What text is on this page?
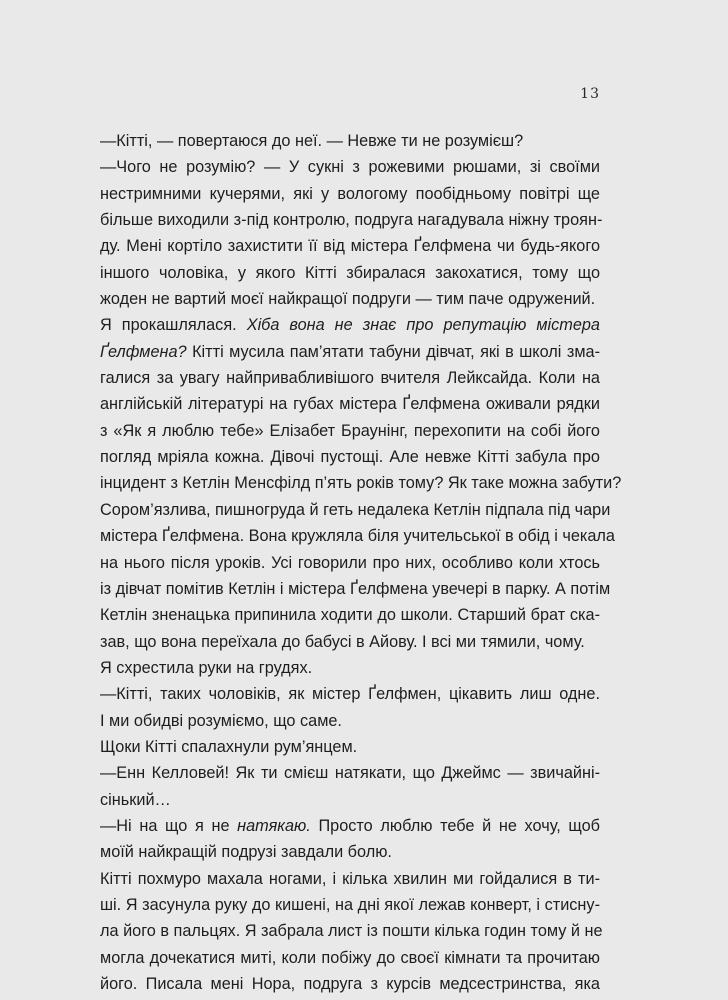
13
—Кітті, — повертаюся до неї. — Невже ти не розумієш?
—Чого не розумію? — У сукні з рожевими рюшами, зі своїми
нестримними кучерями, які у вологому пообідньому повітрі ще
більше виходили з-під контролю, подруга нагадувала ніжну троян-
ду. Мені кортіло захистити її від містера Ґелфмена чи будь-якого
іншого чоловіка, у якого Кітті збиралася закохатися, тому що
жоден не вартий моєї найкращої подруги — тим паче одружений.
Я прокашлялася. Хіба вона не знає про репутацію містера
Ґелфмена? Кітті мусила пам’ятати табуни дівчат, які в школі зма-
галися за увагу найпривабливішого вчителя Лейксайда. Коли на
англійській літературі на губах містера Ґелфмена оживали рядки
з «Як я люблю тебе» Елізабет Браунінг, перехопити на собі його
погляд мріяла кожна. Дівочі пустощі. Але невже Кітті забула про
інцидент з Кетлін Менсфілд п’ять років тому? Як таке можна забути?
Сором’язлива, пишногруда й геть недалека Кетлін підпала під чари
містера Ґелфмена. Вона кружляла біля учительської в обід і чекала
на нього після уроків. Усі говорили про них, особливо коли хтось
із дівчат помітив Кетлін і містера Ґелфмена увечері в парку. А потім
Кетлін зненацька припинила ходити до школи. Старший брат ска-
зав, що вона переїхала до бабусі в Айову. І всі ми тямили, чому.
Я схрестила руки на грудях.
—Кітті, таких чоловіків, як містер Ґелфмен, цікавить лиш одне.
І ми обидві розуміємо, що саме.
Щоки Кітті спалахнули рум’янцем.
—Енн Келловей! Як ти смієш натякати, що Джеймс — звичайні-
сінький…
—Ні на що я не натякаю. Просто люблю тебе й не хочу, щоб
моїй найкращій подрузі завдали болю.
Кітті похмуро махала ногами, і кілька хвилин ми гойдалися в ти-
ші. Я засунула руку до кишені, на дні якої лежав конверт, і стисну-
ла його в пальцях. Я забрала лист із пошти кілька годин тому й не
могла дочекатися миті, коли побіжу до своєї кімнати та прочитаю
його. Писала мені Нора, подруга з курсів медсестринства, яка
